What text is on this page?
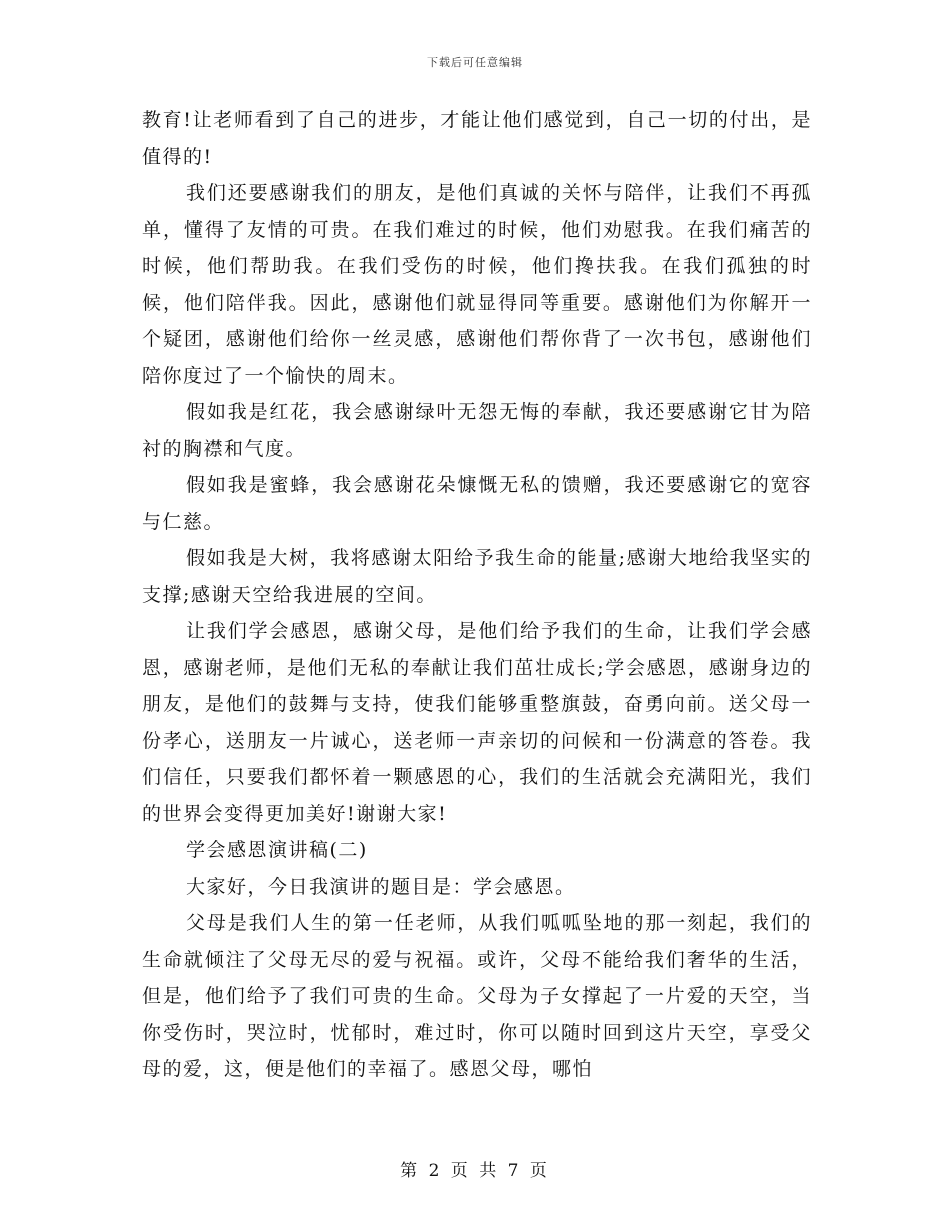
下载后可任意编辑

教育!让老师看到了自己的进步，才能让他们感觉到，自己一切的付出，是值得的!

我们还要感谢我们的朋友，是他们真诚的关怀与陪伴，让我们不再孤单，懂得了友情的可贵。在我们难过的时候，他们劝慰我。在我们痛苦的时候，他们帮助我。在我们受伤的时候，他们搀扶我。在我们孤独的时候，他们陪伴我。因此，感谢他们就显得同等重要。感谢他们为你解开一个疑团，感谢他们给你一丝灵感，感谢他们帮你背了一次书包，感谢他们陪你度过了一个愉快的周末。

假如我是红花，我会感谢绿叶无怨无悔的奉献，我还要感谢它甘为陪衬的胸襟和气度。

假如我是蜜蜂，我会感谢花朵慷慨无私的馈赠，我还要感谢它的宽容与仁慈。

假如我是大树，我将感谢太阳给予我生命的能量;感谢大地给我坚实的支撑;感谢天空给我进展的空间。

让我们学会感恩，感谢父母，是他们给予我们的生命，让我们学会感恩，感谢老师，是他们无私的奉献让我们茁壮成长;学会感恩，感谢身边的朋友，是他们的鼓舞与支持，使我们能够重整旗鼓，奋勇向前。送父母一份孝心，送朋友一片诚心，送老师一声亲切的问候和一份满意的答卷。我们信任，只要我们都怀着一颗感恩的心，我们的生活就会充满阳光，我们的世界会变得更加美好!谢谢大家!

学会感恩演讲稿(二)

大家好，今日我演讲的题目是：学会感恩。

父母是我们人生的第一任老师，从我们呱呱坠地的那一刻起，我们的生命就倾注了父母无尽的爱与祝福。或许，父母不能给我们奢华的生活，但是，他们给予了我们可贵的生命。父母为子女撑起了一片爱的天空，当你受伤时，哭泣时，忧郁时，难过时，你可以随时回到这片天空，享受父母的爱，这，便是他们的幸福了。感恩父母，哪怕

第 2 页 共 7 页
